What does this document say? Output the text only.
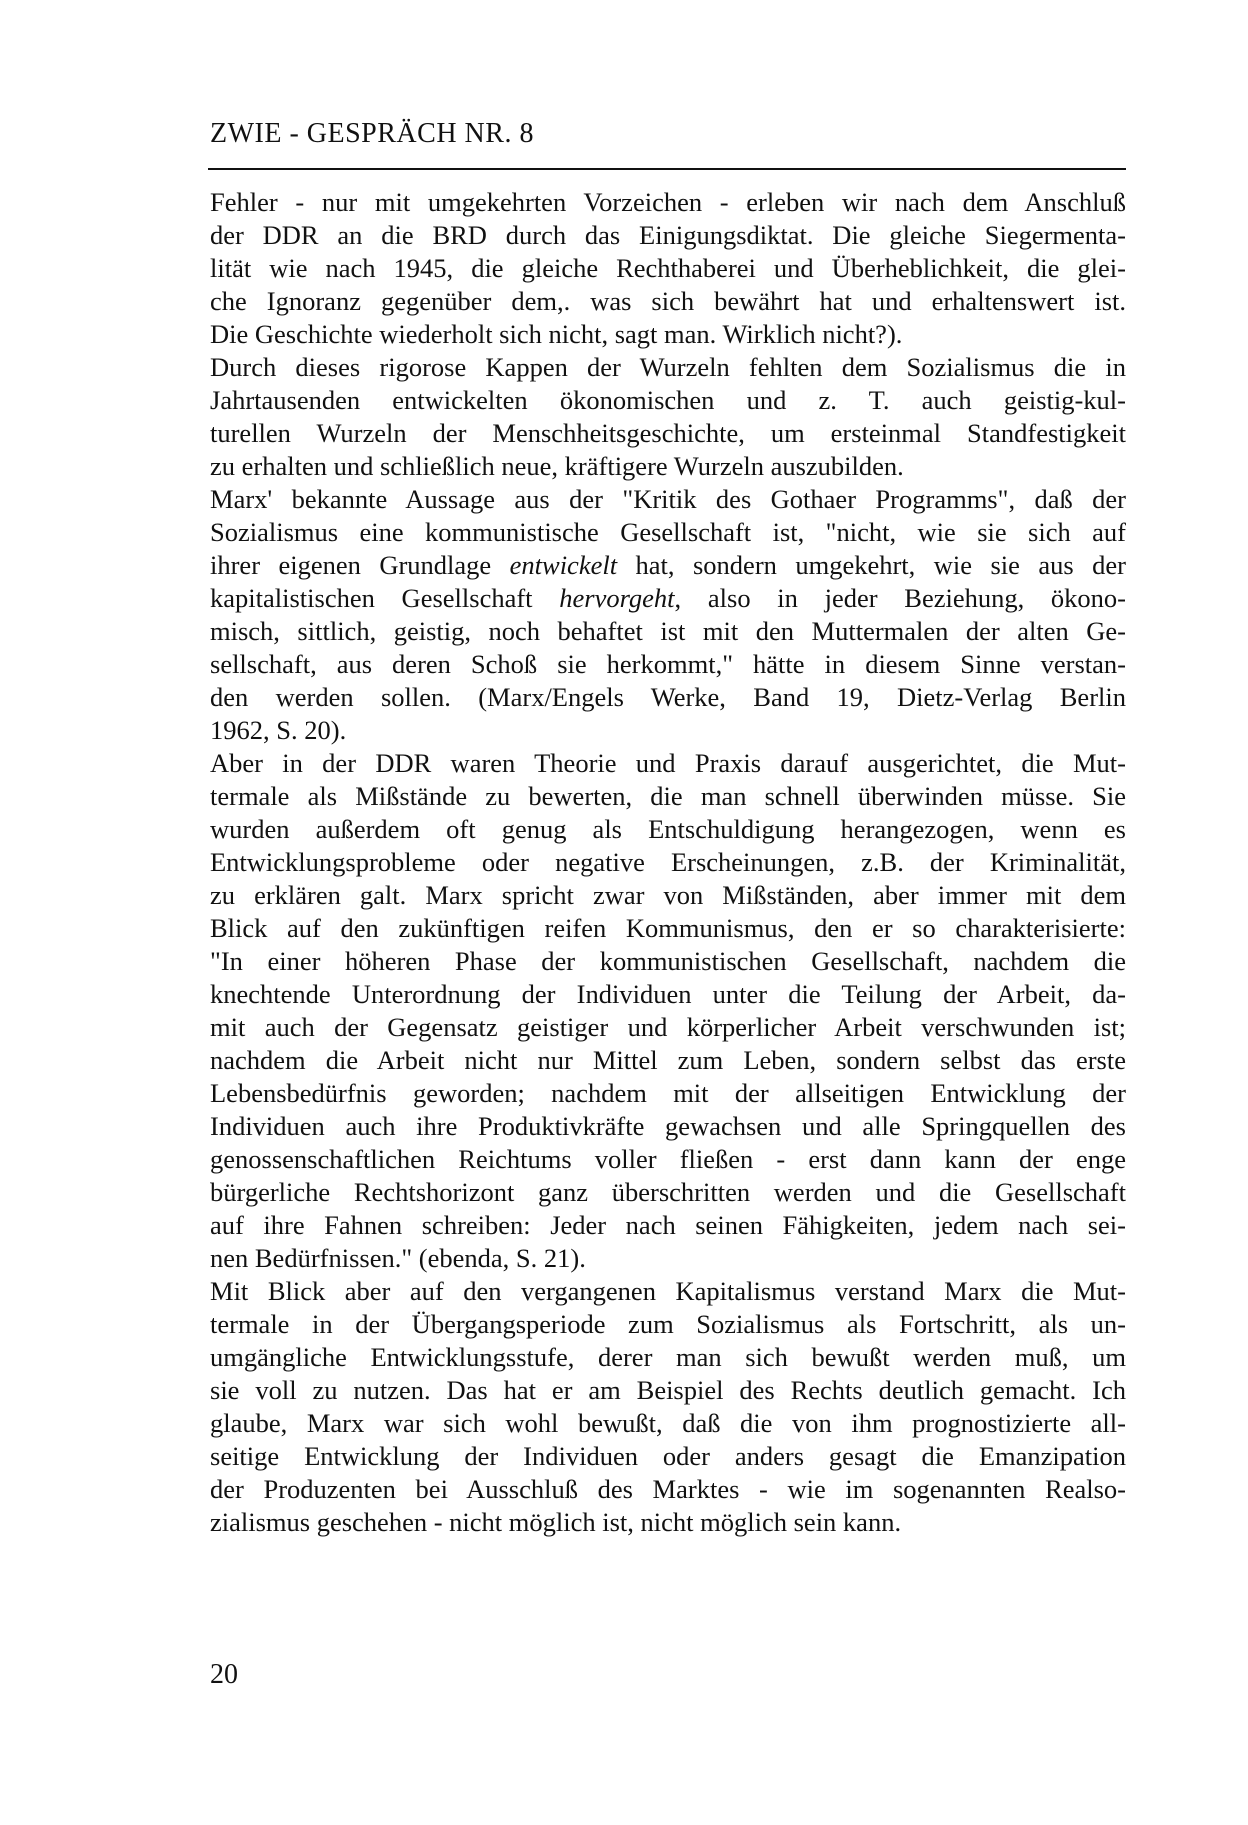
ZWIE - GESPRÄCH NR. 8
Fehler - nur mit umgekehrten Vorzeichen - erleben wir nach dem Anschluß
der DDR an die BRD durch das Einigungsdiktat. Die gleiche Siegermenta-
lität wie nach 1945, die gleiche Rechthaberei und Überheblichkeit, die glei-
che Ignoranz gegenüber dem,. was sich bewährt hat und erhaltenswert ist.
Die Geschichte wiederholt sich nicht, sagt man. Wirklich nicht?).
Durch dieses rigorose Kappen der Wurzeln fehlten dem Sozialismus die in
Jahrtausenden entwickelten ökonomischen und z. T. auch geistig-kul-
turellen Wurzeln der Menschheitsgeschichte, um ersteinmal Standfestigkeit
zu erhalten und schließlich neue, kräftigere Wurzeln auszubilden.
Marx' bekannte Aussage aus der "Kritik des Gothaer Programms", daß der
Sozialismus eine kommunistische Gesellschaft ist, "nicht, wie sie sich auf
ihrer eigenen Grundlage entwickelt hat, sondern umgekehrt, wie sie aus der
kapitalistischen Gesellschaft hervorgeht, also in jeder Beziehung, ökono-
misch, sittlich, geistig, noch behaftet ist mit den Muttermalen der alten Ge-
sellschaft, aus deren Schoß sie herkommt," hätte in diesem Sinne verstan-
den werden sollen. (Marx/Engels Werke, Band 19, Dietz-Verlag Berlin
1962, S. 20).
Aber in der DDR waren Theorie und Praxis darauf ausgerichtet, die Mut-
termale als Mißstände zu bewerten, die man schnell überwinden müsse. Sie
wurden außerdem oft genug als Entschuldigung herangezogen, wenn es
Entwicklungsprobleme oder negative Erscheinungen, z.B. der Kriminalität,
zu erklären galt. Marx spricht zwar von Mißständen, aber immer mit dem
Blick auf den zukünftigen reifen Kommunismus, den er so charakterisierte:
"In einer höheren Phase der kommunistischen Gesellschaft, nachdem die
knechtende Unterordnung der Individuen unter die Teilung der Arbeit, da-
mit auch der Gegensatz geistiger und körperlicher Arbeit verschwunden ist;
nachdem die Arbeit nicht nur Mittel zum Leben, sondern selbst das erste
Lebensbedürfnis geworden; nachdem mit der allseitigen Entwicklung der
Individuen auch ihre Produktivkräfte gewachsen und alle Springquellen des
genossenschaftlichen Reichtums voller fließen - erst dann kann der enge
bürgerliche Rechtshorizont ganz überschritten werden und die Gesellschaft
auf ihre Fahnen schreiben: Jeder nach seinen Fähigkeiten, jedem nach sei-
nen Bedürfnissen." (ebenda, S. 21).
Mit Blick aber auf den vergangenen Kapitalismus verstand Marx die Mut-
termale in der Übergangsperiode zum Sozialismus als Fortschritt, als un-
umgängliche Entwicklungsstufe, derer man sich bewußt werden muß, um
sie voll zu nutzen. Das hat er am Beispiel des Rechts deutlich gemacht. Ich
glaube, Marx war sich wohl bewußt, daß die von ihm prognostizierte all-
seitige Entwicklung der Individuen oder anders gesagt die Emanzipation
der Produzenten bei Ausschluß des Marktes - wie im sogenannten Realso-
zialismus geschehen - nicht möglich ist, nicht möglich sein kann.
20
